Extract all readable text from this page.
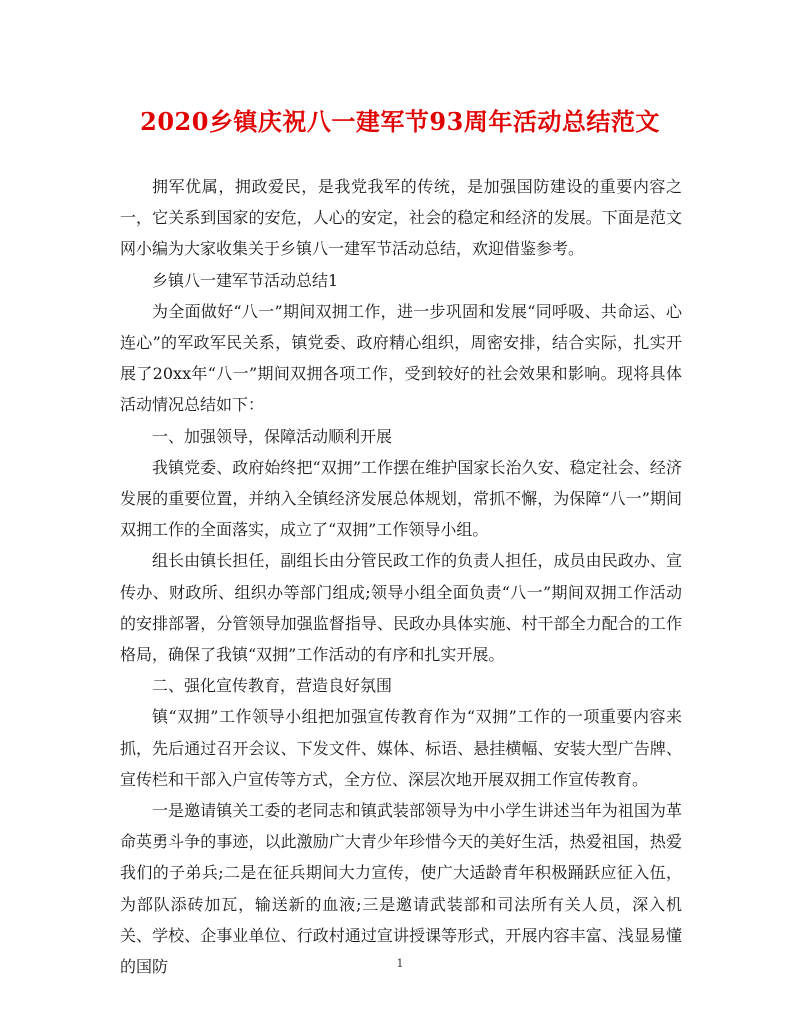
2020乡镇庆祝八一建军节93周年活动总结范文

拥军优属，拥政爱民，是我党我军的传统，是加强国防建设的重要内容之一，它关系到国家的安危，人心的安定，社会的稳定和经济的发展。下面是范文网小编为大家收集关于乡镇八一建军节活动总结，欢迎借鉴参考。

乡镇八一建军节活动总结1

为全面做好“八一”期间双拥工作，进一步巩固和发展“同呼吸、共命运、心连心”的军政军民关系，镇党委、政府精心组织，周密安排，结合实际，扎实开展了20xx年“八一”期间双拥各项工作，受到较好的社会效果和影响。现将具体活动情况总结如下：

一、加强领导，保障活动顺利开展

我镇党委、政府始终把“双拥”工作摆在维护国家长治久安、稳定社会、经济发展的重要位置，并纳入全镇经济发展总体规划，常抓不懈，为保障“八一”期间双拥工作的全面落实，成立了“双拥”工作领导小组。

组长由镇长担任，副组长由分管民政工作的负责人担任，成员由民政办、宣传办、财政所、组织办等部门组成;领导小组全面负责“八一”期间双拥工作活动的安排部署，分管领导加强监督指导、民政办具体实施、村干部全力配合的工作格局，确保了我镇“双拥”工作活动的有序和扎实开展。

二、强化宣传教育，营造良好氛围

镇“双拥”工作领导小组把加强宣传教育作为“双拥”工作的一项重要内容来抓，先后通过召开会议、下发文件、媒体、标语、悬挂横幅、安装大型广告牌、宣传栏和干部入户宣传等方式，全方位、深层次地开展双拥工作宣传教育。

一是邀请镇关工委的老同志和镇武装部领导为中小学生讲述当年为祖国为革命英勇斗争的事迹，以此激励广大青少年珍惜今天的美好生活，热爱祖国，热爱我们的子弟兵;二是在征兵期间大力宣传，使广大适龄青年积极踊跃应征入伍，为部队添砖加瓦，输送新的血液;三是邀请武装部和司法所有关人员，深入机关、学校、企事业单位、行政村通过宣讲授课等形式，开展内容丰富、浅显易懂的国防	1
